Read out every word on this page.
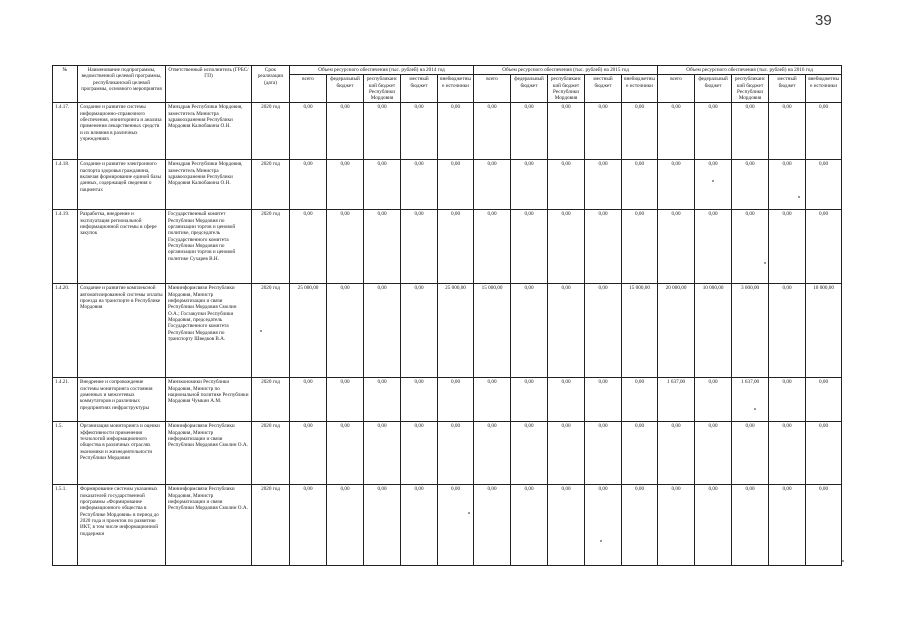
39
№	Наименование подпрограммы, ведомственной целевой программы, республиканской целевой программы, основного мероприятия	Ответственный исполнитель (ГРБС/ГП)	Срок реализации (дата)	Объем ресурсного обеспечения (тыс. рублей) на 2014 год					Объем ресурсного обеспечения (тыс. рублей) на 2015 год					Объем ресурсного обеспечения (тыс. рублей) на 2016 год				
				всего	федеральный бюджет	республиканский бюджет Республики Мордовия	местный бюджет	внебюджетные источники	всего	федеральный бюджет	республиканский бюджет Республики Мордовия	местный бюджет	внебюджетные источники	всего	федеральный бюджет	республиканский бюджет Республики Мордовия	местный бюджет	внебюджетные источники
1.4.17.	Создание и развитие системы информационно-справочного обеспечения, мониторинга и анализа применения лекарственных средств и их влияния в различных учреждениях	Минздрав Республики Мордовия, заместитель Министра здравоохранения Республики Мордовия Калюбакина О.Н.	2020 год	0,00	0,00	0,00	0,00	0,00	0,00	0,00	0,00	0,00	0,00	0,00	0,00	0,00	0,00	0,00
1.4.18.	Создание и развитие электронного паспорта здоровья гражданина, включая формирование единой базы данных, содержащей сведения о пациентах	Минздрав Республики Мордовия, заместитель Министра здравоохранения Республики Мордовия Калюбакина О.Н.	2020 год	0,00	0,00	0,00	0,00	0,00	0,00	0,00	0,00	0,00	0,00	0,00	0,00	0,00	0,00	0,00
1.4.19.	Разработка, внедрение и эксплуатация региональной информационной системы в сфере закупок	Государственный комитет Республики Мордовия по организации торгов и ценовой политике, председатель Государственного комитета Республики Мордовия по организации торгов и ценовой политике Сухарев В.Н.	2020 год	0,00	0,00	0,00	0,00	0,00	0,00	0,00	0,00	0,00	0,00	0,00	0,00	0,00	0,00	0,00
1.4.20.	Создание и развитие комплексной автоматизированной системы оплаты проезда на транспорте в Республике Мордовия	Мининформсвязи Республики Мордовия, Министр информатизации и связи Республики Мордовия Смолин О.А.; Госзакупки Республики Мордовия, председатель Государственного комитета Республики Мордовия по транспорту Шведков В.А.	2020 год	25 000,00	0,00	0,00	0,00	25 000,00	15 000,00	0,00	0,00	0,00	15 000,00	20 000,00	10 000,00	3 000,00	0,00	10 000,00
1.4.21.	Внедрение и сопровождение системы мониторинга состояния доменных и межсетевых коммутаторов и различных предприятиях инфраструктуры	Минэкономики Республики Мордовия, Министр по национальной политике Республики Мордовия Чумкин А.М.	2020 год	0,00	0,00	0,00	0,00	0,00	0,00	0,00	0,00	0,00	0,00	1 637,00	0,00	1 637,00	0,00	0,00
1.5.	Организация мониторинга и оценки эффективности применения технологий информационного общества в различных отраслях экономики и жизнедеятельности Республики Мордовия	Мининформсвязи Республики Мордовия, Министр информатизации и связи Республики Мордовия Смолин О.А.	2020 год	0,00	0,00	0,00	0,00	0,00	0,00	0,00	0,00	0,00	0,00	0,00	0,00	0,00	0,00	0,00
1.5.1.	Формирование системы указанных показателей государственной программы «Формирование информационного общества в Республике Мордовия» в период до 2020 года и проектов по развитию ИКТ, в том числе информационной поддержки	Мининформсвязи Республики Мордовия, Министр информатизации и связи Республики Мордовия Смолин О.А.	2020 год	0,00	0,00	0,00	0,00	0,00	0,00	0,00	0,00	0,00	0,00	0,00	0,00	0,00	0,00	0,00
